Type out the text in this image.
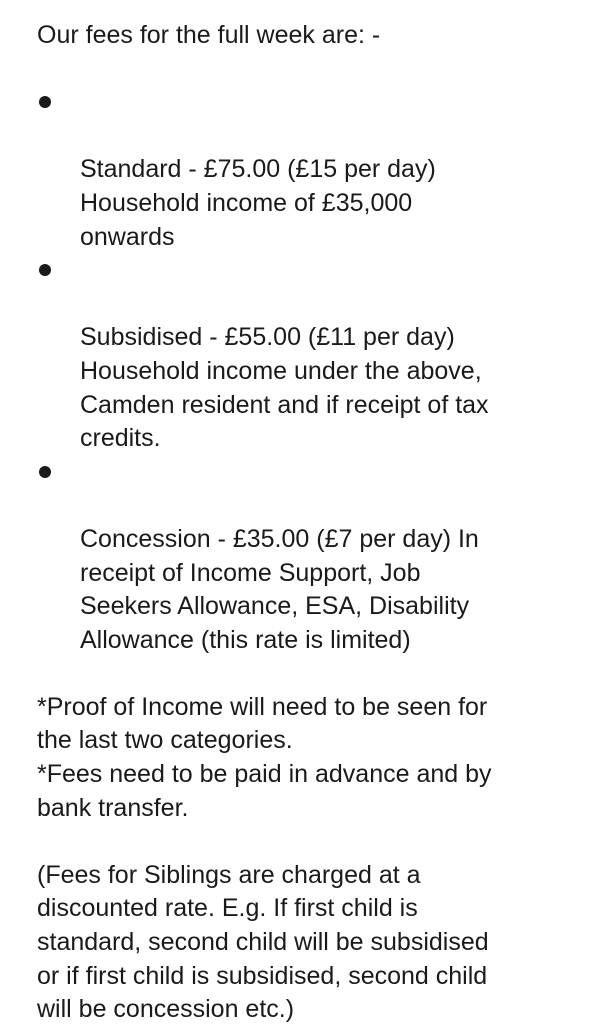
Our fees for the full week are: -

Standard - £75.00 (£15 per day)
Household income of £35,000
onwards

Subsidised - £55.00 (£11 per day)
Household income under the above,
Camden resident and if receipt of tax
credits.

Concession - £35.00 (£7 per day) In
receipt of Income Support, Job
Seekers Allowance, ESA, Disability
Allowance (this rate is limited)

*Proof of Income will need to be seen for
the last two categories.

*Fees need to be paid in advance and by
bank transfer.

(Fees for Siblings are charged at a
discounted rate. E.g. If first child is
standard, second child will be subsidised
or if first child is subsidised, second child
will be concession etc.)
